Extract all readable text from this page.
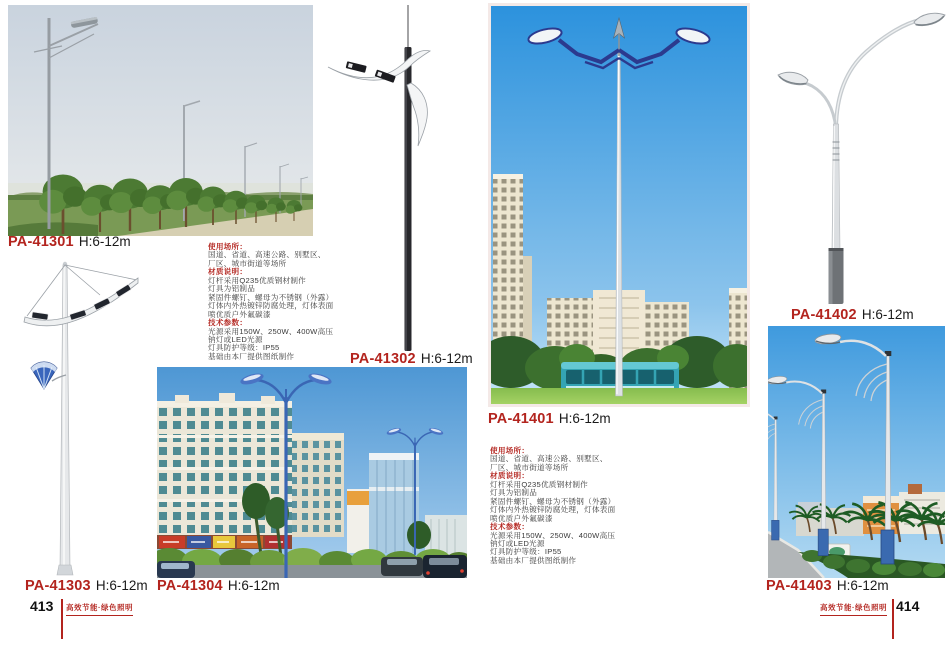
PA-41301 H:6-12m
PA-41302 H:6-12m
PA-41303 H:6-12m PA-41304 H:6-12m
PA-41401 H:6-12m
PA-41402 H:6-12m
PA-41403 H:6-12m
使用场所：
国道、省道、高速公路、别墅区、
厂区、城市街道等场所
材质说明：
灯杆采用Q235优质钢材制作
灯具为铝制品
紧固件螺钉、螺母为不锈钢（外露）
灯体内外热镀锌防腐处理，灯体表面
喷优质户外氟碳漆
技术参数：
光源采用150W、250W、400W高压
钠灯或LED光源
灯具防护等级：IP55
基础由本厂提供图纸制作
使用场所：
国道、省道、高速公路、别墅区、
厂区、城市街道等场所
材质说明：
灯杆采用Q235优质钢材制作
灯具为铝制品
紧固件螺钉、螺母为不锈钢（外露）
灯体内外热镀锌防腐处理，灯体表面
喷优质户外氟碳漆
技术参数：
光源采用150W、250W、400W高压
钠灯或LED光源
灯具防护等级：IP55
基础由本厂提供图纸制作
413 高效节能·绿色照明	高效节能·绿色照明 414
